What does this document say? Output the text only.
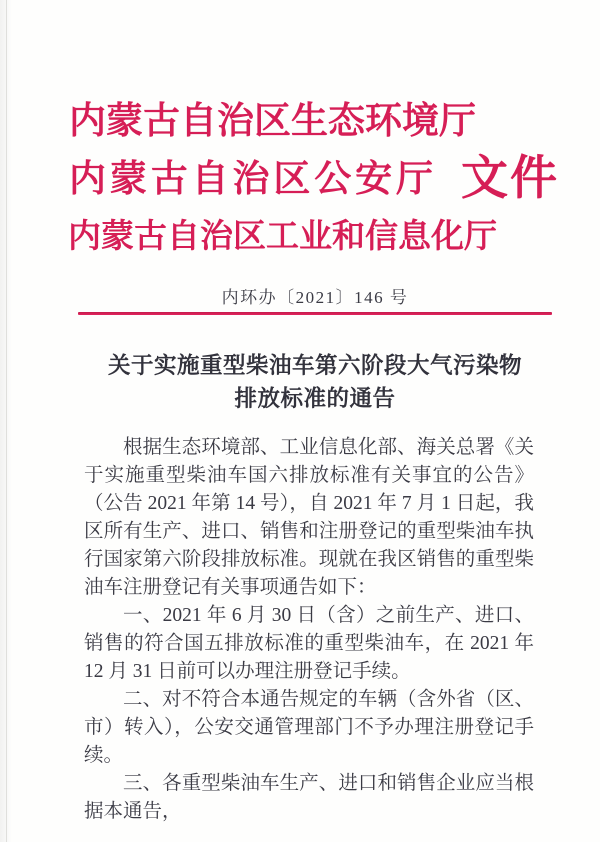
内 蒙 古 自 治 区 生 态 环 境 厅
内 蒙 古 自 治 区 公 安 厅
内 蒙 古 自 治 区 工 业 和 信 息 化 厅
文件
内环办〔2021〕146 号
关于实施重型柴油车第六阶段大气污染物
排放标准的通告

根据生态环境部、工业信息化部、海关总署《关于实施重型柴油车国六排放标准有关事宜的公告》（公告 2021 年第 14 号），自 2021 年 7 月 1 日起，我区所有生产、进口、销售和注册登记的重型柴油车执行国家第六阶段排放标准。现就在我区销售的重型柴油车注册登记有关事项通告如下：

一、2021 年 6 月 30 日（含）之前生产、进口、销售的符合国五排放标准的重型柴油车，在 2021 年 12 月 31 日前可以办理注册登记手续。

二、对不符合本通告规定的车辆（含外省（区、市）转入），公安交通管理部门不予办理注册登记手续。

三、各重型柴油车生产、进口和销售企业应当根据本通告，
